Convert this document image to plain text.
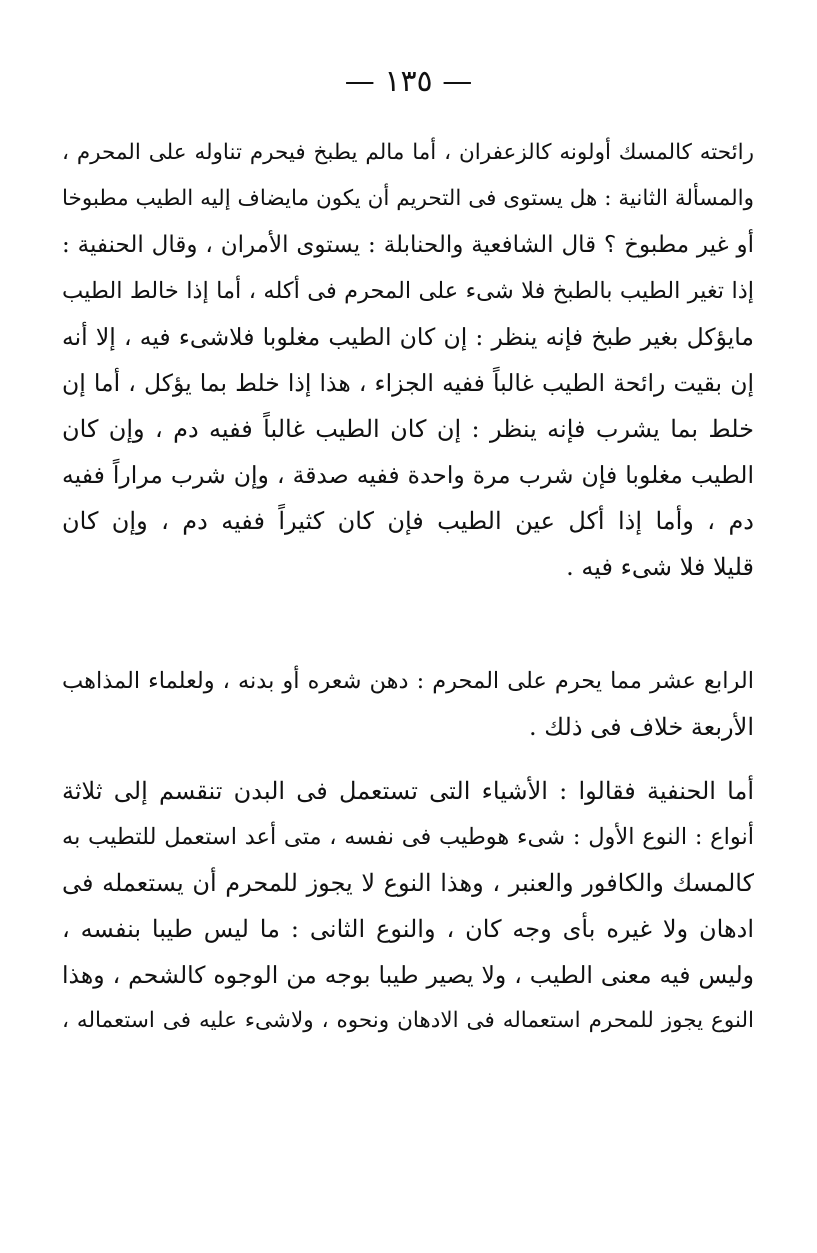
— ١٣٥ —
رائحته كالمسك أولونه كالزعفران ، أما مالم يطبخ فيحرم تناوله على المحرم ،
والمسألة الثانية : هل يستوى فى التحريم أن يكون مايضاف إليه الطيب مطبوخا
أو غير مطبوخ ؟ قال الشافعية والحنابلة : يستوى الأمران ، وقال الحنفية :
إذا تغير الطيب بالطبخ فلا شىء على المحرم فى أكله ، أما إذا خالط الطيب
مايؤكل بغير طبخ فإنه ينظر : إن كان الطيب مغلوبا فلاشىء فيه ، إلا أنه
إن بقيت رائحة الطيب غالباً ففيه الجزاء ، هذا إذا خلط بما يؤكل ، أما إن
خلط بما يشرب فإنه ينظر : إن كان الطيب غالباً ففيه دم ، وإن كان
الطيب مغلوبا فإن شرب مرة واحدة ففيه صدقة ، وإن شرب مراراً ففيه
دم ، وأما إذا أكل عين الطيب فإن كان كثيراً ففيه دم ، وإن كان
قليلا فلا شىء فيه .
الرابع عشر مما يحرم على المحرم : دهن شعره أو بدنه ، ولعلماء المذاهب
الأربعة خلاف فى ذلك .
أما الحنفية فقالوا : الأشياء التى تستعمل فى البدن تنقسم إلى ثلاثة
أنواع : النوع الأول : شىء هوطيب فى نفسه ، متى أعد استعمل للتطيب به
كالمسك والكافور والعنبر ، وهذا النوع لا يجوز للمحرم أن يستعمله فى
ادهان ولا غيره بأى وجه كان ، والنوع الثانى : ما ليس طيبا بنفسه ،
وليس فيه معنى الطيب ، ولا يصير طيبا بوجه من الوجوه كالشحم ، وهذا
النوع يجوز للمحرم استعماله فى الادهان ونحوه ، ولاشىء عليه فى استعماله ،
